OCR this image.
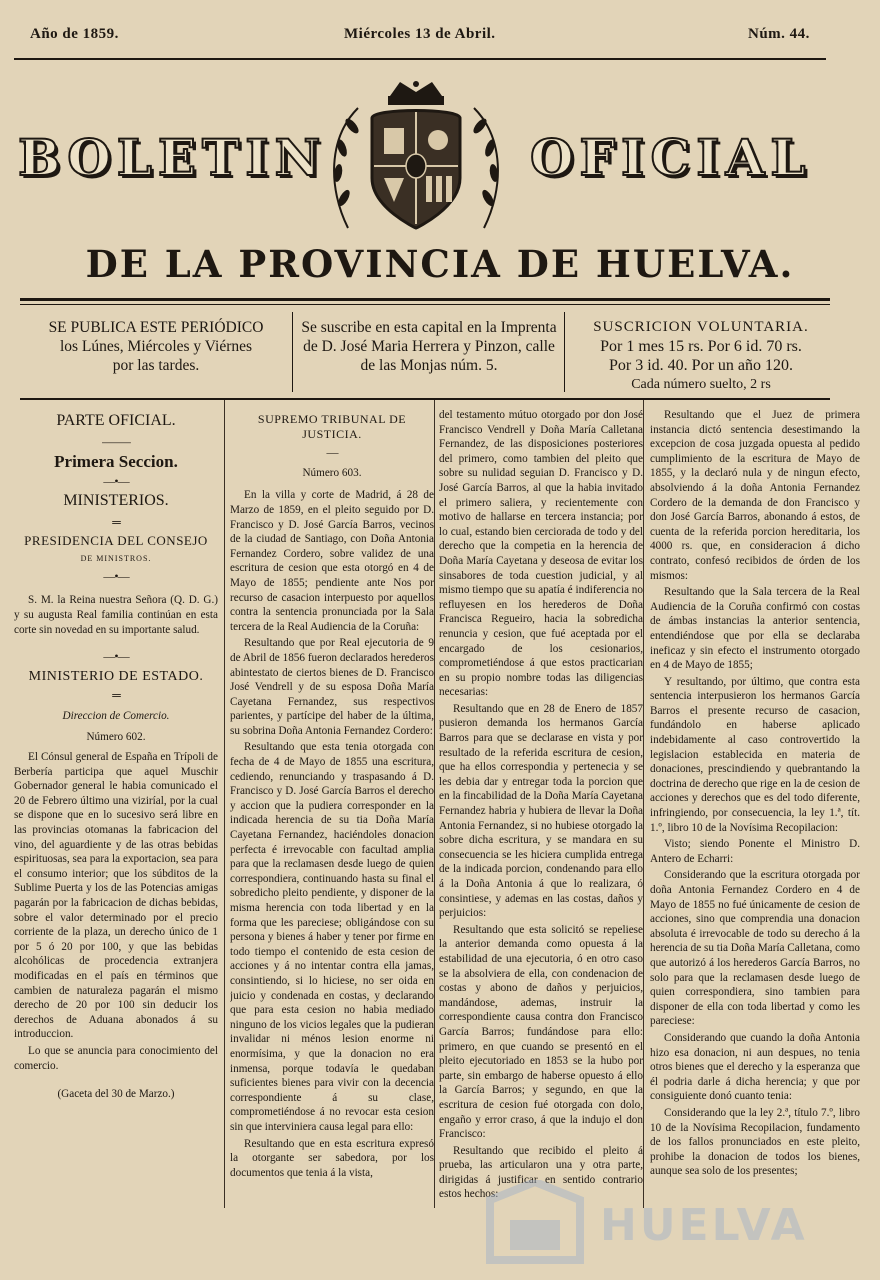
Año de 1859.	Miércoles 13 de Abril.	Núm. 44.
BOLETIN	OFICIAL
DE LA PROVINCIA DE HUELVA.
SE PUBLICA ESTE PERIÓDICO
los Lúnes, Miércoles y Viérnes
por las tardes.
Se suscribe en esta capital en la Imprenta
de D. José Maria Herrera y Pinzon, calle
de las Monjas núm. 5.
SUSCRICION VOLUNTARIA.
Por 1 mes 15 rs. Por 6 id. 70 rs.
Por 3 id. 40. Por un año 120.
Cada número suelto, 2 rs
PARTE OFICIAL.
⸻
Primera Seccion.
—•—
MINISTERIOS.
═
PRESIDENCIA DEL CONSEJO
DE MINISTROS.
—•—

S. M. la Reina nuestra Señora (Q. D. G.) y su augusta Real familia continúan en esta corte sin novedad en su importante salud.

—•—
MINISTERIO DE ESTADO.
═
Direccion de Comercio.
Número 602.

El Cónsul general de España en Trípoli de Berbería participa que aquel Muschir Gobernador general le habia comunicado el 20 de Febrero último una viziríal, por la cual se dispone que en lo sucesivo será libre en las provincias otomanas la fabricacion del vino, del aguardiente y de las otras bebidas espirituosas, sea para la exportacion, sea para el consumo interior; que los súbditos de la Sublime Puerta y los de las Potencias amigas pagarán por la fabricacion de dichas bebidas, sobre el valor determinado por el precio corriente de la plaza, un derecho único de 1 por 5 ó 20 por 100, y que las bebidas alcohólicas de procedencia extranjera modificadas en el país en términos que cambien de naturaleza pagarán el mismo derecho de 20 por 100 sin deducir los derechos de Aduana abonados á su introduccion.

Lo que se anuncia para conocimiento del comercio.

(Gaceta del 30 de Marzo.)
SUPREMO TRIBUNAL DE JUSTICIA.
—
Número 603.

En la villa y corte de Madrid, á 28 de Marzo de 1859, en el pleito seguido por D. Francisco y D. José García Barros, vecinos de la ciudad de Santiago, con Doña Antonia Fernandez Cordero, sobre validez de una escritura de cesion que esta otorgó en 4 de Mayo de 1855; pendiente ante Nos por recurso de casacion interpuesto por aquellos contra la sentencia pronunciada por la Sala tercera de la Real Audiencia de la Coruña:

Resultando que por Real ejecutoria de 9 de Abril de 1856 fueron declarados herederos abintestato de ciertos bienes de D. Francisco José Vendrell y de su esposa Doña María Cayetana Fernandez, sus respectivos parientes, y partícipe del haber de la última, su sobrina Doña Antonia Fernandez Cordero:

Resultando que esta tenia otorgada con fecha de 4 de Mayo de 1855 una escritura, cediendo, renunciando y traspasando á D. Francisco y D. José García Barros el derecho y accion que la pudiera corresponder en la indicada herencia de su tia Doña María Cayetana Fernandez, haciéndoles donacion perfecta é irrevocable con facultad amplia para que la reclamasen desde luego de quien correspondiera, continuando hasta su final el sobredicho pleito pendiente, y disponer de la misma herencia con toda libertad y en la forma que les pareciese; obligándose con su persona y bienes á haber y tener por firme en todo tiempo el contenido de esta cesion de acciones y á no intentar contra ella jamas, consintiendo, si lo hiciese, no ser oida en juicio y condenada en costas, y declarando que para esta cesion no habia mediado ninguno de los vicios legales que la pudieran invalidar ni ménos lesion enorme ni enormísima, y que la donacion no era inmensa, porque todavía le quedaban suficientes bienes para vivir con la decencia correspondiente á su clase, comprometiéndose á no revocar esta cesion sin que interviniera causa legal para ello:

Resultando que en esta escritura expresó la otorgante ser sabedora, por los documentos que tenia á la vista,

del testamento mútuo otorgado por don José Francisco Vendrell y Doña María Calletana Fernandez, de las disposiciones posteriores del primero, como tambien del pleito que sobre su nulidad seguian D. Francisco y D. José García Barros, al que la habia invitado el primero saliera, y recientemente con motivo de hallarse en tercera instancia; por lo cual, estando bien cerciorada de todo y del derecho que la competia en la herencia de Doña María Cayetana y deseosa de evitar los sinsabores de toda cuestion judicial, y al mismo tiempo que su apatía é indiferencia no refluyesen en los herederos de Doña Francisca Regueiro, hacia la sobredicha renuncia y cesion, que fué aceptada por el encargado de los cesionarios, comprometiéndose á que estos practicarian en su propio nombre todas las diligencias necesarias:

Resultando que en 28 de Enero de 1857 pusieron demanda los hermanos García Barros para que se declarase en vista y por resultado de la referida escritura de cesion, que ha ellos correspondia y pertenecia y se les debia dar y entregar toda la porcion que en la fincabilidad de la Doña María Cayetana Fernandez habria y hubiera de llevar la Doña Antonia Fernandez, si no hubiese otorgado la sobre dicha escritura, y se mandara en su consecuencia se les hiciera cumplida entrega de la indicada porcion, condenando para ello á la Doña Antonia á que lo realizara, ó consintiese, y ademas en las costas, daños y perjuicios:

Resultando que esta solicitó se repeliese la anterior demanda como opuesta á la estabilidad de una ejecutoria, ó en otro caso se la absolviera de ella, con condenacion de costas y abono de daños y perjuicios, mandándose, ademas, instruir la correspondiente causa contra don Francisco García Barros; fundándose para ello: primero, en que cuando se presentó en el pleito ejecutoriado en 1853 se la hubo por parte, sin embargo de haberse opuesto á ello la García Barros; y segundo, en que la escritura de cesion fué otorgada con dolo, engaño y error craso, á que la indujo el don Francisco:

Resultando que recibido el pleito á prueba, las articularon una y otra parte, dirigidas á justificar en sentido contrario estos hechos:

Resultando que el Juez de primera instancia dictó sentencia desestimando la excepcion de cosa juzgada opuesta al pedido cumplimiento de la escritura de Mayo de 1855, y la declaró nula y de ningun efecto, absolviendo á la doña Antonia Fernandez Cordero de la demanda de don Francisco y don José García Barros, abonando á estos, de cuenta de la referida porcion hereditaria, los 4000 rs. que, en consideracion á dicho contrato, confesó recibidos de órden de los mismos:

Resultando que la Sala tercera de la Real Audiencia de la Coruña confirmó con costas de ámbas instancias la anterior sentencia, entendiéndose que por ella se declaraba ineficaz y sin efecto el instrumento otorgado en 4 de Mayo de 1855;

Y resultando, por último, que contra esta sentencia interpusieron los hermanos García Barros el presente recurso de casacion, fundándolo en haberse aplicado indebidamente al caso controvertido la legislacion establecida en materia de donaciones, prescindiendo y quebrantando la doctrina de derecho que rige en la de cesion de acciones y derechos que es del todo diferente, infringiendo, por consecuencia, la ley 1.ª, tít. 1.º, libro 10 de la Novísima Recopilacion:

Visto; siendo Ponente el Ministro D. Antero de Echarri:

Considerando que la escritura otorgada por doña Antonia Fernandez Cordero en 4 de Mayo de 1855 no fué únicamente de cesion de acciones, sino que comprendia una donacion absoluta é irrevocable de todo su derecho á la herencia de su tia Doña María Calletana, como que autorizó á los herederos García Barros, no solo para que la reclamasen desde luego de quien correspondiera, sino tambien para disponer de ella con toda libertad y como les pareciese:

Considerando que cuando la doña Antonia hizo esa donacion, ni aun despues, no tenia otros bienes que el derecho y la esperanza que él podria darle á dicha herencia; y que por consiguiente donó cuanto tenia:

Considerando que la ley 2.ª, título 7.º, libro 10 de la Novísima Recopilacion, fundamento de los fallos pronunciados en este pleito, prohibe la donacion de todos los bienes, aunque sea solo de los presentes;

HUELVA
